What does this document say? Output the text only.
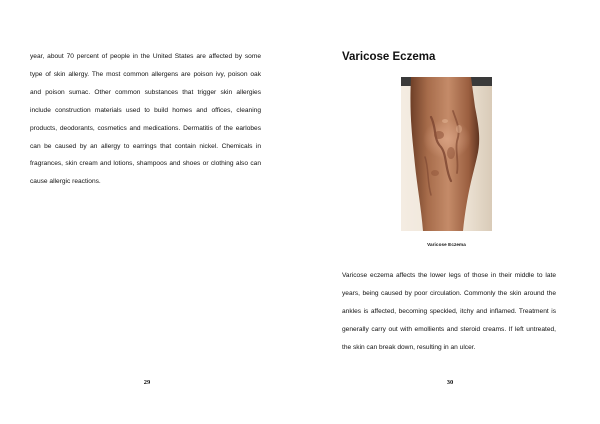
year, about 70 percent of people in the United States are affected by some type of skin allergy. The most common allergens are poison ivy, poison oak and poison sumac. Other common substances that trigger skin allergies include construction materials used to build homes and offices, cleaning products, deodorants, cosmetics and medications. Dermatitis of the earlobes can be caused by an allergy to earrings that contain nickel. Chemicals in fragrances, skin cream and lotions, shampoos and shoes or clothing also can cause allergic reactions.

29
Varicose Eczema
Varicose Eczema

Varicose eczema affects the lower legs of those in their middle to late years, being caused by poor circulation. Commonly the skin around the ankles is affected, becoming speckled, itchy and inflamed. Treatment is generally carry out with emollients and steroid creams. If left untreated, the skin can break down, resulting in an ulcer.

30
